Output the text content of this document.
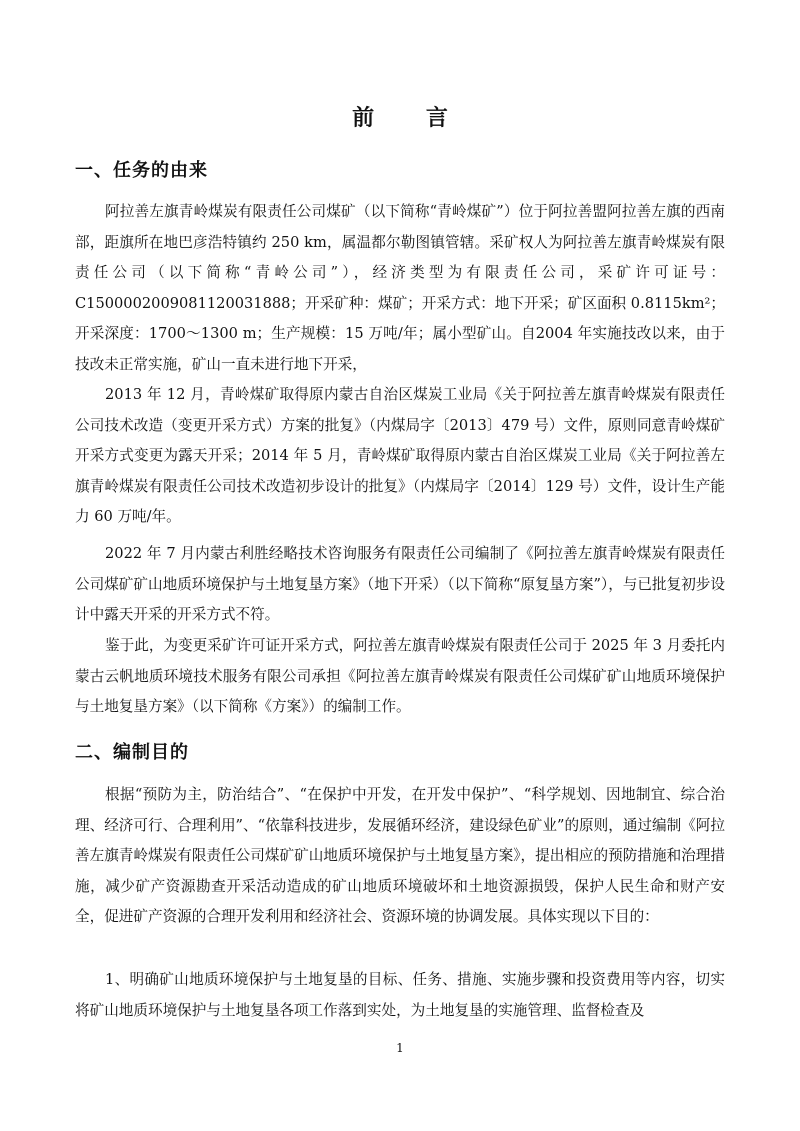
前 言
一、任务的由来

阿拉善左旗青岭煤炭有限责任公司煤矿（以下简称“青岭煤矿”）位于阿拉善盟阿拉善左旗的西南部，距旗所在地巴彦浩特镇约 250 km，属温都尔勒图镇管辖。采矿权人为阿拉善左旗青岭煤炭有限责任公司（以下简称“青岭公司”），经济类型为有限责任公司，采矿许可证号：C1500002009081120031888；开采矿种：煤矿；开采方式：地下开采；矿区面积 0.8115km²；开采深度：1700～1300 m；生产规模：15 万吨/年；属小型矿山。自2004 年实施技改以来，由于技改未正常实施，矿山一直未进行地下开采，

2013 年 12 月，青岭煤矿取得原内蒙古自治区煤炭工业局《关于阿拉善左旗青岭煤炭有限责任公司技术改造（变更开采方式）方案的批复》（内煤局字〔2013〕479 号）文件，原则同意青岭煤矿开采方式变更为露天开采；2014 年 5 月，青岭煤矿取得原内蒙古自治区煤炭工业局《关于阿拉善左旗青岭煤炭有限责任公司技术改造初步设计的批复》（内煤局字〔2014〕129 号）文件，设计生产能力 60 万吨/年。

2022 年 7 月内蒙古利胜经略技术咨询服务有限责任公司编制了《阿拉善左旗青岭煤炭有限责任公司煤矿矿山地质环境保护与土地复垦方案》（地下开采）（以下简称“原复垦方案”），与已批复初步设计中露天开采的开采方式不符。

鉴于此，为变更采矿许可证开采方式，阿拉善左旗青岭煤炭有限责任公司于 2025 年 3 月委托内蒙古云帆地质环境技术服务有限公司承担《阿拉善左旗青岭煤炭有限责任公司煤矿矿山地质环境保护与土地复垦方案》（以下简称《方案》）的编制工作。

二、编制目的

根据“预防为主，防治结合”、“在保护中开发，在开发中保护”、“科学规划、因地制宜、综合治理、经济可行、合理利用”、“依靠科技进步，发展循环经济，建设绿色矿业”的原则，通过编制《阿拉善左旗青岭煤炭有限责任公司煤矿矿山地质环境保护与土地复垦方案》，提出相应的预防措施和治理措施，减少矿产资源勘查开采活动造成的矿山地质环境破坏和土地资源损毁，保护人民生命和财产安全，促进矿产资源的合理开发利用和经济社会、资源环境的协调发展。具体实现以下目的：

1、明确矿山地质环境保护与土地复垦的目标、任务、措施、实施步骤和投资费用等内容，切实将矿山地质环境保护与土地复垦各项工作落到实处，为土地复垦的实施管理、监督检查及

1
